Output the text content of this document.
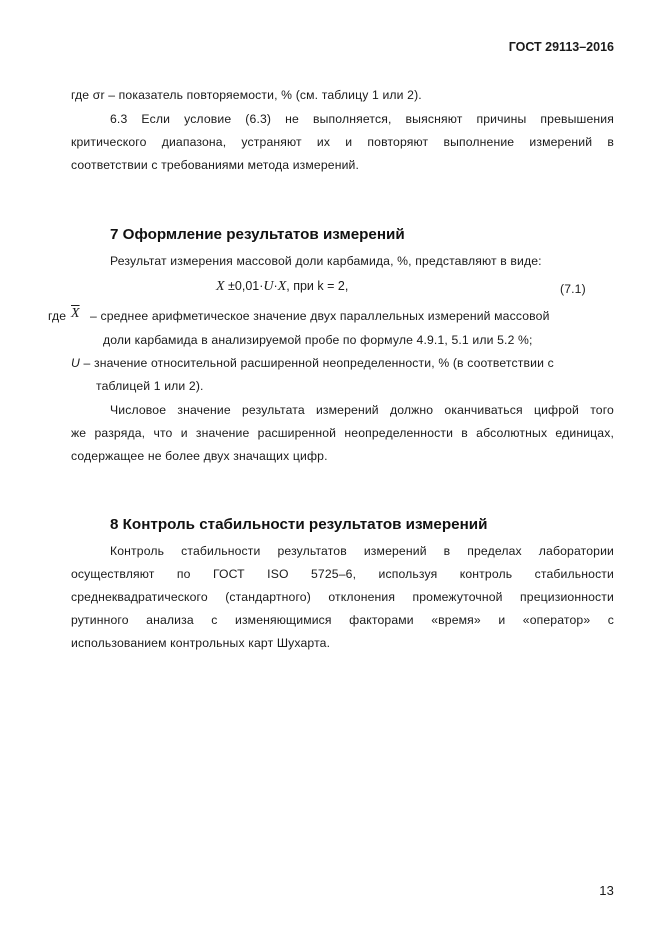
ГОСТ 29113–2016
где σr – показатель повторяемости, % (см. таблицу 1 или 2).
6.3 Если условие (6.3) не выполняется, выясняют причины превышения
критического диапазона, устраняют их и повторяют выполнение измерений в
соответствии с требованиями метода измерений.
7 Оформление результатов измерений
Результат измерения массовой доли карбамида, %, представляют в виде:
X ±0,01·U·X, при k = 2,	(7.1)
где $\overline{X}$ – среднее арифметическое значение двух параллельных измерений массовой
доли карбамида в анализируемой пробе по формуле 4.9.1, 5.1 или 5.2 %;
U – значение относительной расширенной неопределенности, % (в соответствии с
таблицей 1 или 2).
Числовое значение результата измерений должно оканчиваться цифрой того
же разряда, что и значение расширенной неопределенности в абсолютных единицах,
содержащее не более двух значащих цифр.
8 Контроль стабильности результатов измерений
Контроль стабильности результатов измерений в пределах лаборатории
осуществляют по ГОСТ ISO 5725–6, используя контроль стабильности
среднеквадратического (стандартного) отклонения промежуточной прецизионности
рутинного анализа с изменяющимися факторами «время» и «оператор» с
использованием контрольных карт Шухарта.
13
